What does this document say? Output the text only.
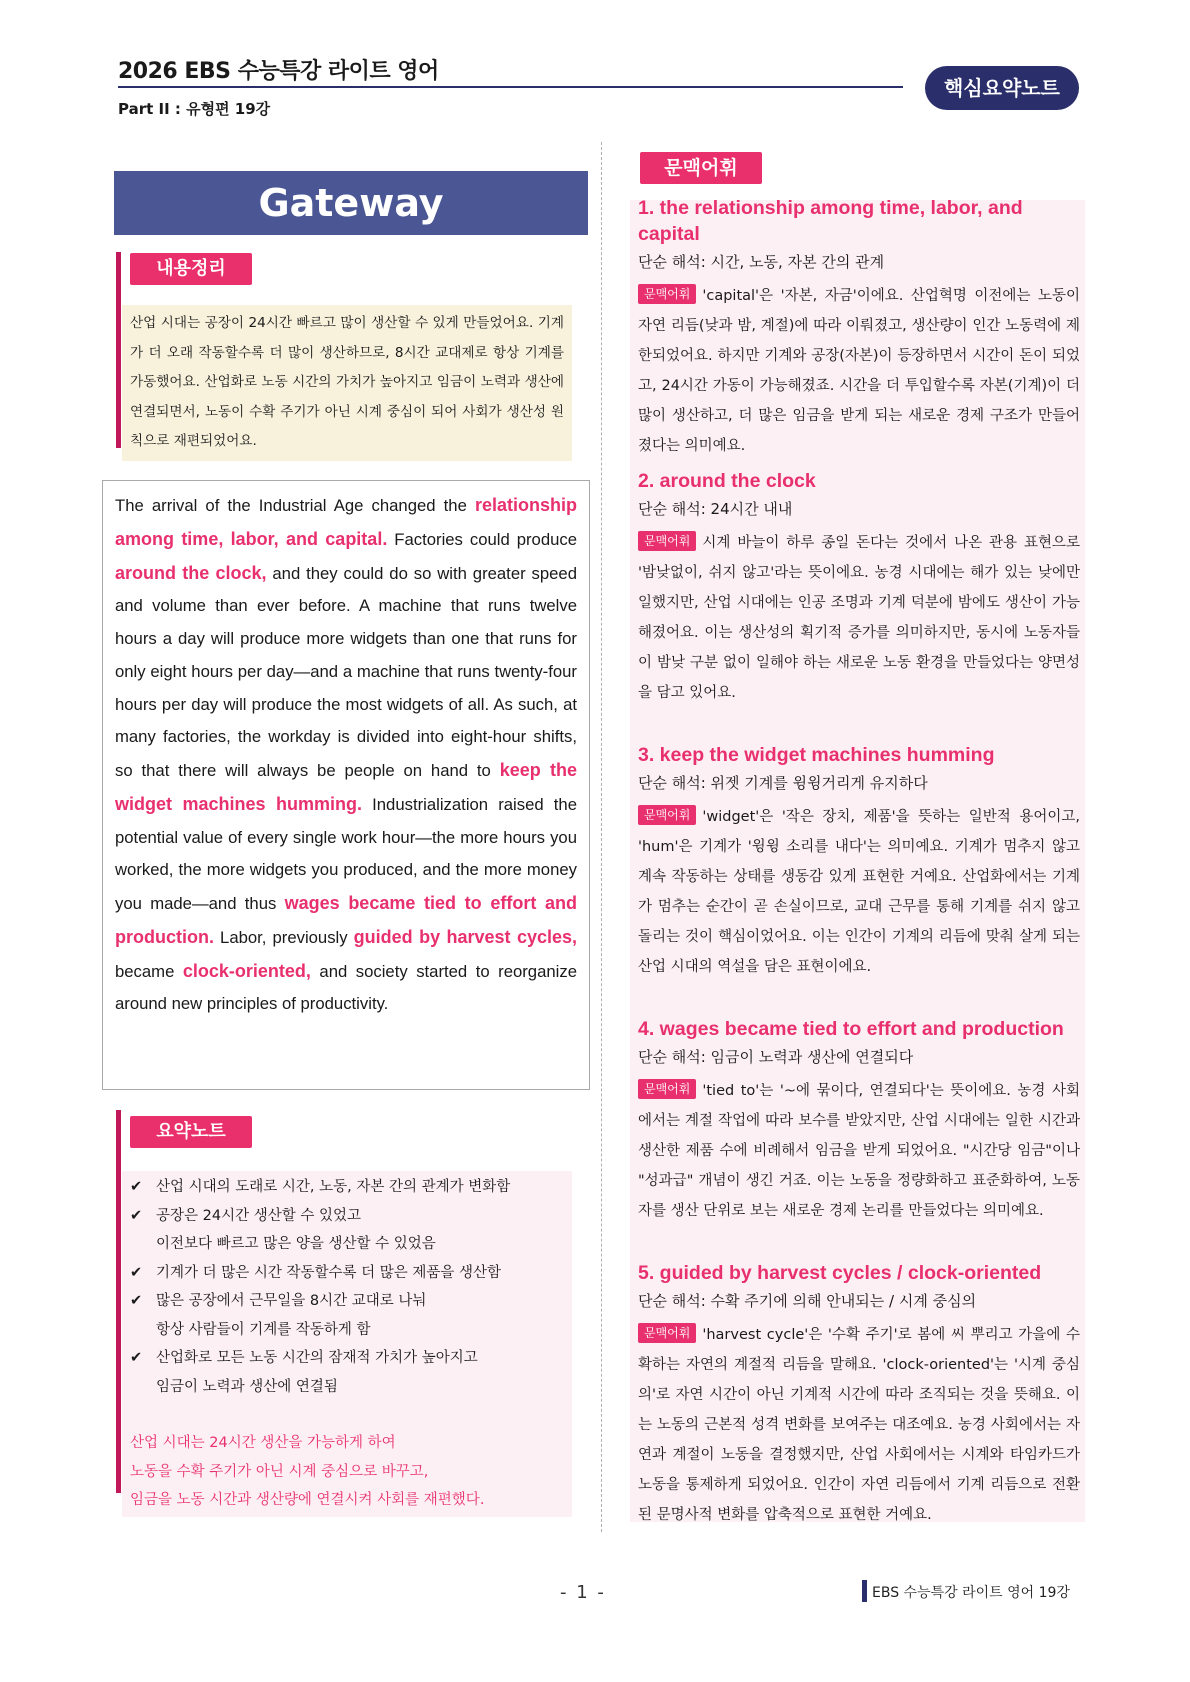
2026 EBS 수능특강 라이트 영어
Part II : 유형편 19강
핵심요약노트
Gateway
내용정리
산업 시대는 공장이 24시간 빠르고 많이 생산할 수 있게 만들었어요. 기계가 더 오래 작동할수록 더 많이 생산하므로, 8시간 교대제로 항상 기계를 가동했어요. 산업화로 노동 시간의 가치가 높아지고 임금이 노력과 생산에 연결되면서, 노동이 수확 주기가 아닌 시계 중심이 되어 사회가 생산성 원칙으로 재편되었어요.
The arrival of the Industrial Age changed the relationship among time, labor, and capital. Factories could produce around the clock, and they could do so with greater speed and volume than ever before. A machine that runs twelve hours a day will produce more widgets than one that runs for only eight hours per day—and a machine that runs twenty-four hours per day will produce the most widgets of all. As such, at many factories, the workday is divided into eight-hour shifts, so that there will always be people on hand to keep the widget machines humming. Industrialization raised the potential value of every single work hour—the more hours you worked, the more widgets you produced, and the more money you made—and thus wages became tied to effort and production. Labor, previously guided by harvest cycles, became clock-oriented, and society started to reorganize around new principles of productivity.
요약노트
✔ 산업 시대의 도래로 시간, 노동, 자본 간의 관계가 변화함
✔ 공장은 24시간 생산할 수 있었고
이전보다 빠르고 많은 양을 생산할 수 있었음
✔ 기계가 더 많은 시간 작동할수록 더 많은 제품을 생산함
✔ 많은 공장에서 근무일을 8시간 교대로 나눠
항상 사람들이 기계를 작동하게 함
✔ 산업화로 모든 노동 시간의 잠재적 가치가 높아지고
임금이 노력과 생산에 연결됨
산업 시대는 24시간 생산을 가능하게 하여
노동을 수확 주기가 아닌 시계 중심으로 바꾸고,
임금을 노동 시간과 생산량에 연결시켜 사회를 재편했다.
문맥어휘
1. the relationship among time, labor, and capital
단순 해석: 시간, 노동, 자본 간의 관계
문맥어휘 'capital'은 '자본, 자금'이에요. 산업혁명 이전에는 노동이 자연 리듬(낮과 밤, 계절)에 따라 이뤄졌고, 생산량이 인간 노동력에 제한되었어요. 하지만 기계와 공장(자본)이 등장하면서 시간이 돈이 되었고, 24시간 가동이 가능해졌죠. 시간을 더 투입할수록 자본(기계)이 더 많이 생산하고, 더 많은 임금을 받게 되는 새로운 경제 구조가 만들어졌다는 의미예요.
2. around the clock
단순 해석: 24시간 내내
문맥어휘 시계 바늘이 하루 종일 돈다는 것에서 나온 관용 표현으로 '밤낮없이, 쉬지 않고'라는 뜻이에요. 농경 시대에는 해가 있는 낮에만 일했지만, 산업 시대에는 인공 조명과 기계 덕분에 밤에도 생산이 가능해졌어요. 이는 생산성의 획기적 증가를 의미하지만, 동시에 노동자들이 밤낮 구분 없이 일해야 하는 새로운 노동 환경을 만들었다는 양면성을 담고 있어요.
3. keep the widget machines humming
단순 해석: 위젯 기계를 윙윙거리게 유지하다
문맥어휘 'widget'은 '작은 장치, 제품'을 뜻하는 일반적 용어이고, 'hum'은 기계가 '윙윙 소리를 내다'는 의미예요. 기계가 멈추지 않고 계속 작동하는 상태를 생동감 있게 표현한 거예요. 산업화에서는 기계가 멈추는 순간이 곧 손실이므로, 교대 근무를 통해 기계를 쉬지 않고 돌리는 것이 핵심이었어요. 이는 인간이 기계의 리듬에 맞춰 살게 되는 산업 시대의 역설을 담은 표현이에요.
4. wages became tied to effort and production
단순 해석: 임금이 노력과 생산에 연결되다
문맥어휘 'tied to'는 '~에 묶이다, 연결되다'는 뜻이에요. 농경 사회에서는 계절 작업에 따라 보수를 받았지만, 산업 시대에는 일한 시간과 생산한 제품 수에 비례해서 임금을 받게 되었어요. "시간당 임금"이나 "성과급" 개념이 생긴 거죠. 이는 노동을 정량화하고 표준화하여, 노동자를 생산 단위로 보는 새로운 경제 논리를 만들었다는 의미예요.
5. guided by harvest cycles / clock-oriented
단순 해석: 수확 주기에 의해 안내되는 / 시계 중심의
문맥어휘 'harvest cycle'은 '수확 주기'로 봄에 씨 뿌리고 가을에 수확하는 자연의 계절적 리듬을 말해요. 'clock-oriented'는 '시계 중심의'로 자연 시간이 아닌 기계적 시간에 따라 조직되는 것을 뜻해요. 이는 노동의 근본적 성격 변화를 보여주는 대조예요. 농경 사회에서는 자연과 계절이 노동을 결정했지만, 산업 사회에서는 시계와 타임카드가 노동을 통제하게 되었어요. 인간이 자연 리듬에서 기계 리듬으로 전환된 문명사적 변화를 압축적으로 표현한 거예요.
- 1 -	EBS 수능특강 라이트 영어 19강
